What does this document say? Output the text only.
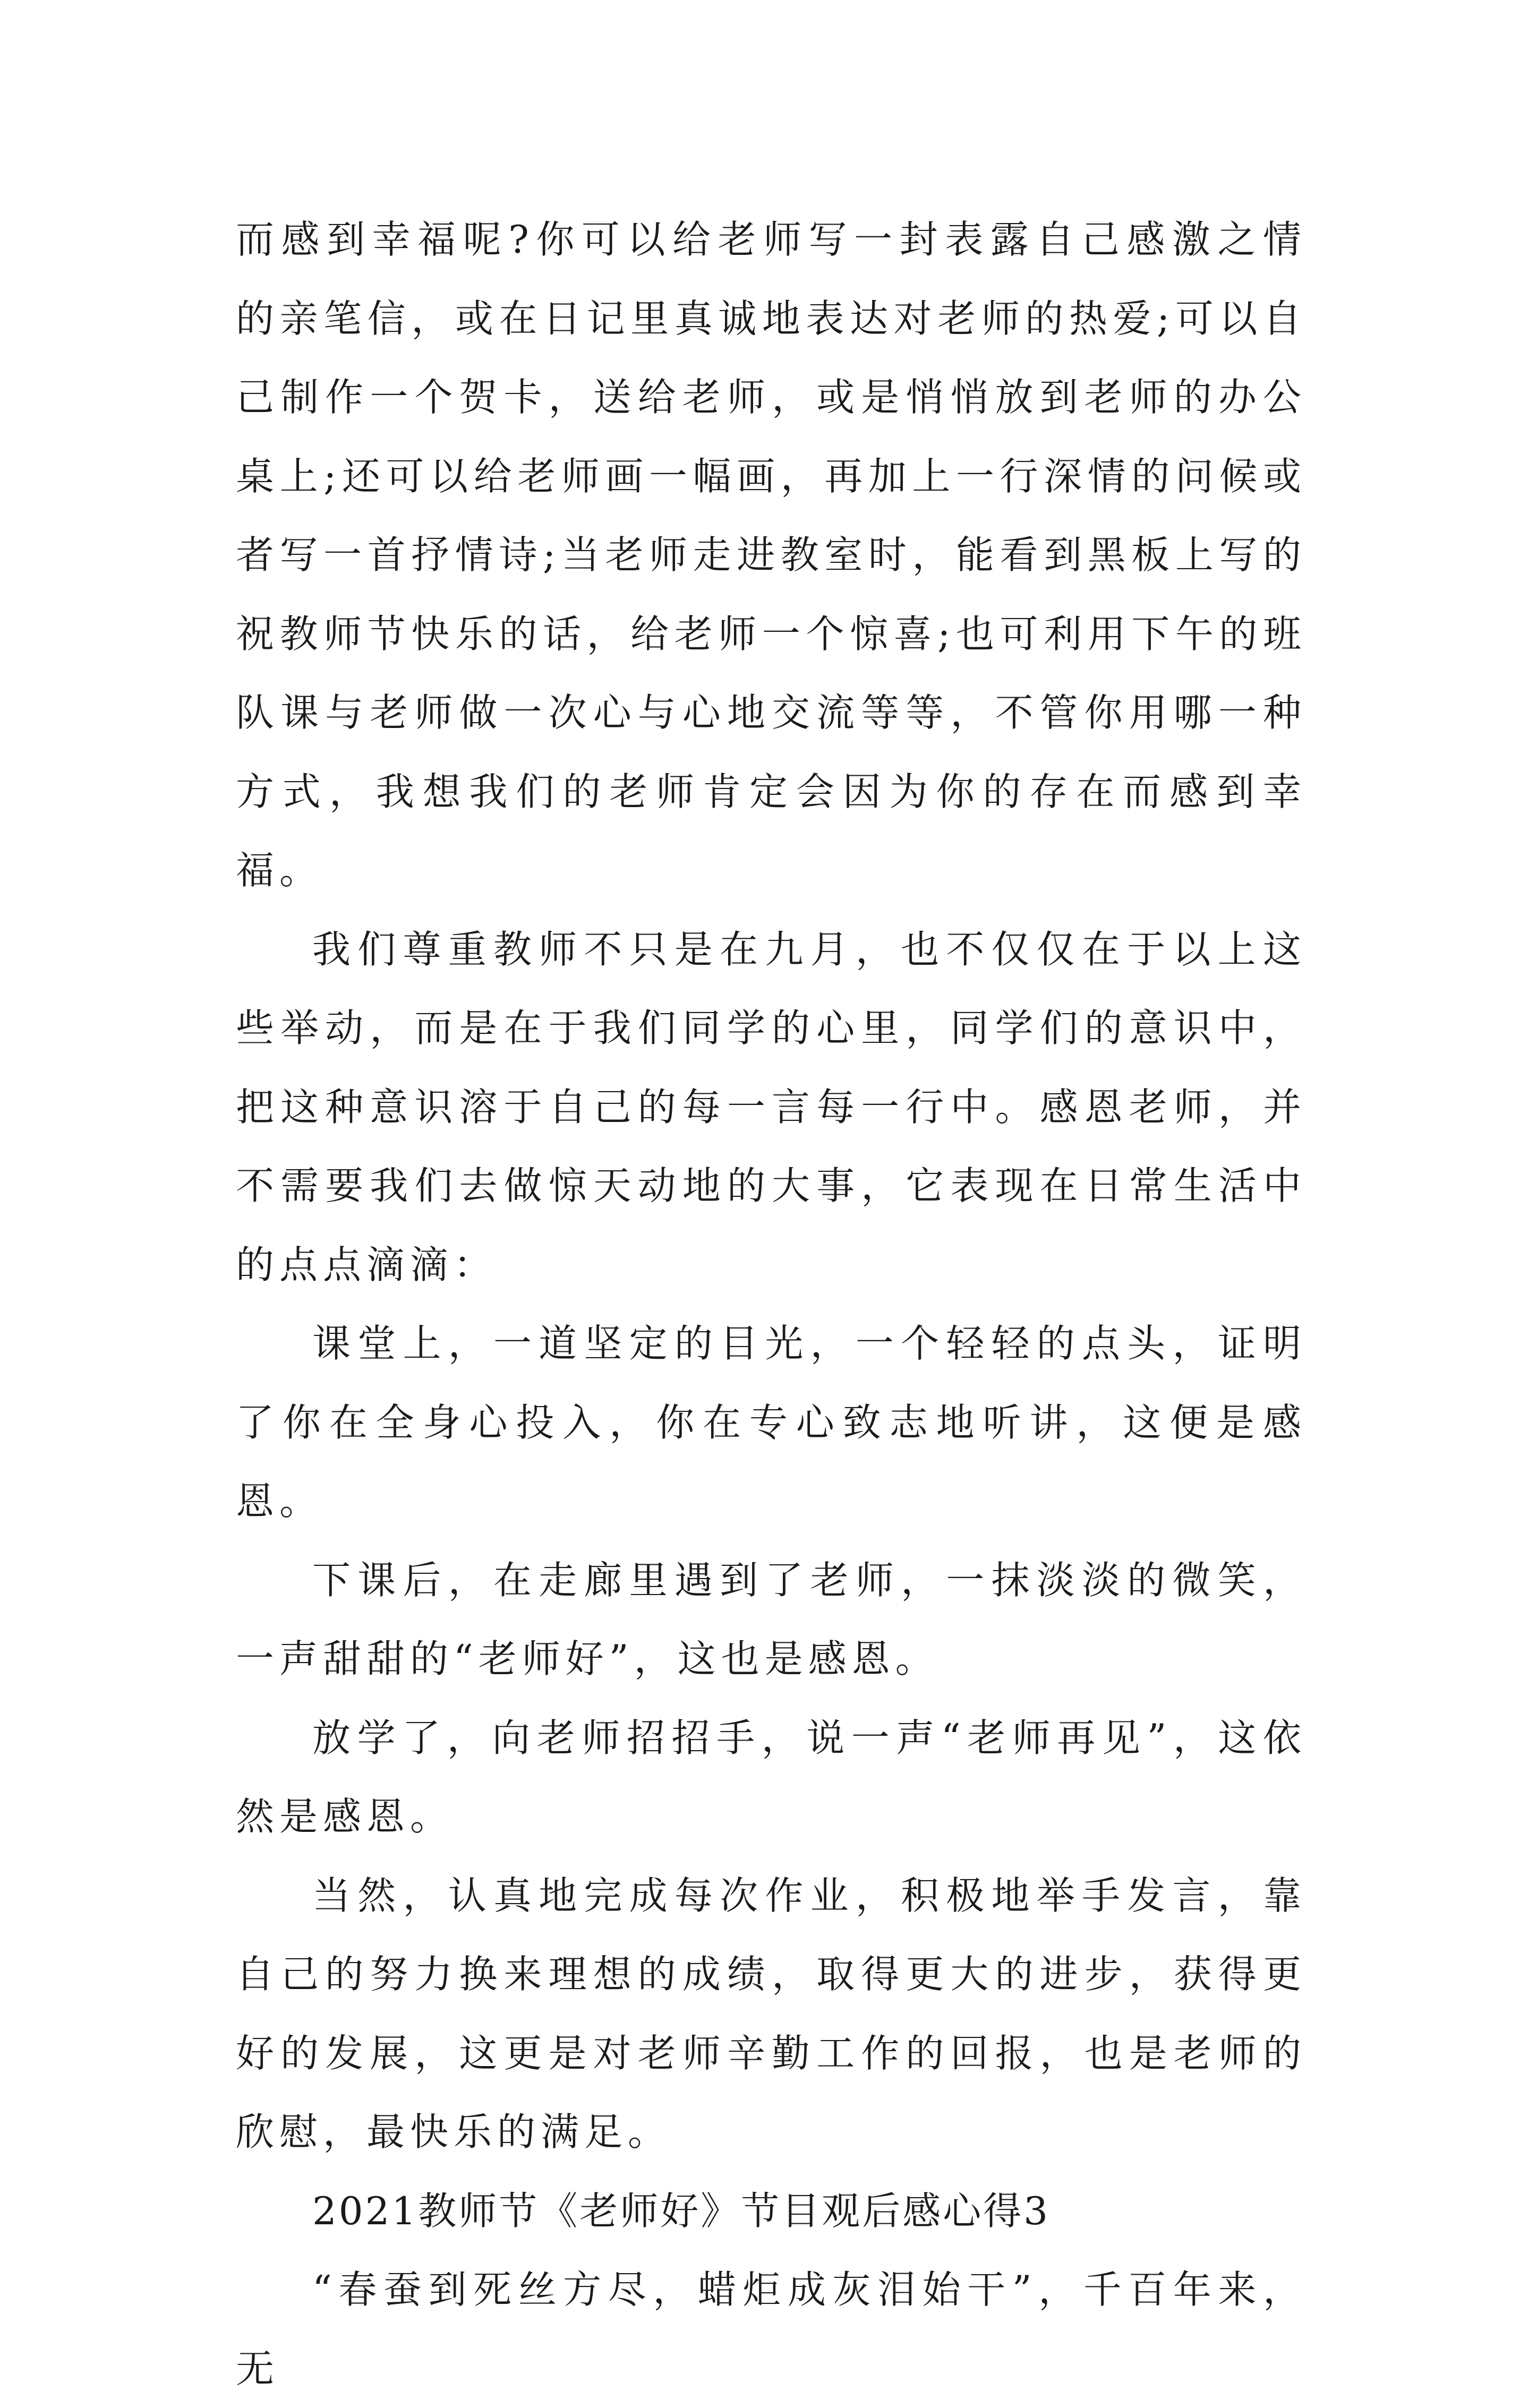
而感到幸福呢?你可以给老师写一封表露自己感激之情的亲笔信，或在日记里真诚地表达对老师的热爱;可以自己制作一个贺卡，送给老师，或是悄悄放到老师的办公桌上;还可以给老师画一幅画，再加上一行深情的问候或者写一首抒情诗;当老师走进教室时，能看到黑板上写的祝教师节快乐的话，给老师一个惊喜;也可利用下午的班队课与老师做一次心与心地交流等等，不管你用哪一种方式，我想我们的老师肯定会因为你的存在而感到幸福。

我们尊重教师不只是在九月，也不仅仅在于以上这些举动，而是在于我们同学的心里，同学们的意识中，把这种意识溶于自己的每一言每一行中。感恩老师，并不需要我们去做惊天动地的大事，它表现在日常生活中的点点滴滴：

课堂上，一道坚定的目光，一个轻轻的点头，证明了你在全身心投入，你在专心致志地听讲，这便是感恩。

下课后，在走廊里遇到了老师，一抹淡淡的微笑，一声甜甜的“老师好”，这也是感恩。

放学了，向老师招招手，说一声“老师再见”，这依然是感恩。

当然，认真地完成每次作业，积极地举手发言，靠自己的努力换来理想的成绩，取得更大的进步，获得更好的发展，这更是对老师辛勤工作的回报，也是老师的欣慰，最快乐的满足。

2021教师节《老师好》节目观后感心得3

“春蚕到死丝方尽，蜡炬成灰泪始干”，千百年来，无
